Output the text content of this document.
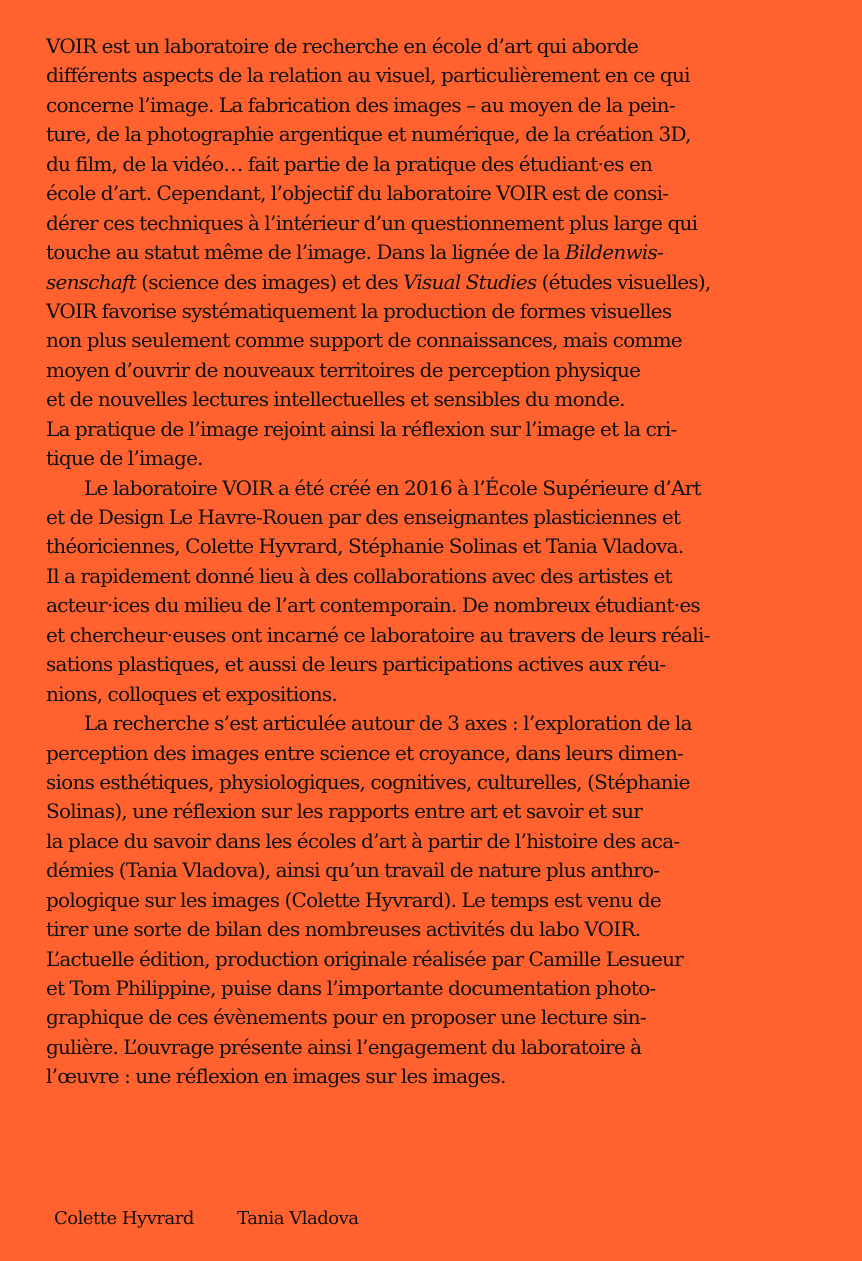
VOIR est un laboratoire de recherche en école d’art qui aborde
différents aspects de la relation au visuel, particulièrement en ce qui
concerne l’image. La fabrication des images – au moyen de la pein-
ture, de la photographie argentique et numérique, de la création 3D,
du film, de la vidéo… fait partie de la pratique des étudiant·es en
école d’art. Cependant, l’objectif du laboratoire VOIR est de consi-
dérer ces techniques à l’intérieur d’un questionnement plus large qui
touche au statut même de l’image. Dans la lignée de la Bildenwis-
senschaft (science des images) et des Visual Studies (études visuelles),
VOIR favorise systématiquement la production de formes visuelles
non plus seulement comme support de connaissances, mais comme
moyen d’ouvrir de nouveaux territoires de perception physique
et de nouvelles lectures intellectuelles et sensibles du monde.
La pratique de l’image rejoint ainsi la réflexion sur l’image et la cri-
tique de l’image.
Le laboratoire VOIR a été créé en 2016 à l’École Supérieure d’Art
et de Design Le Havre-Rouen par des enseignantes plasticiennes et
théoriciennes, Colette Hyvrard, Stéphanie Solinas et Tania Vladova.
Il a rapidement donné lieu à des collaborations avec des artistes et
acteur·ices du milieu de l’art contemporain. De nombreux étudiant·es
et chercheur·euses ont incarné ce laboratoire au travers de leurs réali-
sations plastiques, et aussi de leurs participations actives aux réu-
nions, colloques et expositions.
La recherche s’est articulée autour de 3 axes : l’exploration de la
perception des images entre science et croyance, dans leurs dimen-
sions esthétiques, physiologiques, cognitives, culturelles, (Stéphanie
Solinas), une réflexion sur les rapports entre art et savoir et sur
la place du savoir dans les écoles d’art à partir de l’histoire des aca-
démies (Tania Vladova), ainsi qu’un travail de nature plus anthro-
pologique sur les images (Colette Hyvrard). Le temps est venu de
tirer une sorte de bilan des nombreuses activités du labo VOIR.
L’actuelle édition, production originale réalisée par Camille Lesueur
et Tom Philippine, puise dans l’importante documentation photo-
graphique de ces évènements pour en proposer une lecture sin-
gulière. L’ouvrage présente ainsi l’engagement du laboratoire à
l’œuvre : une réflexion en images sur les images.
Colette Hyvrard Tania Vladova
